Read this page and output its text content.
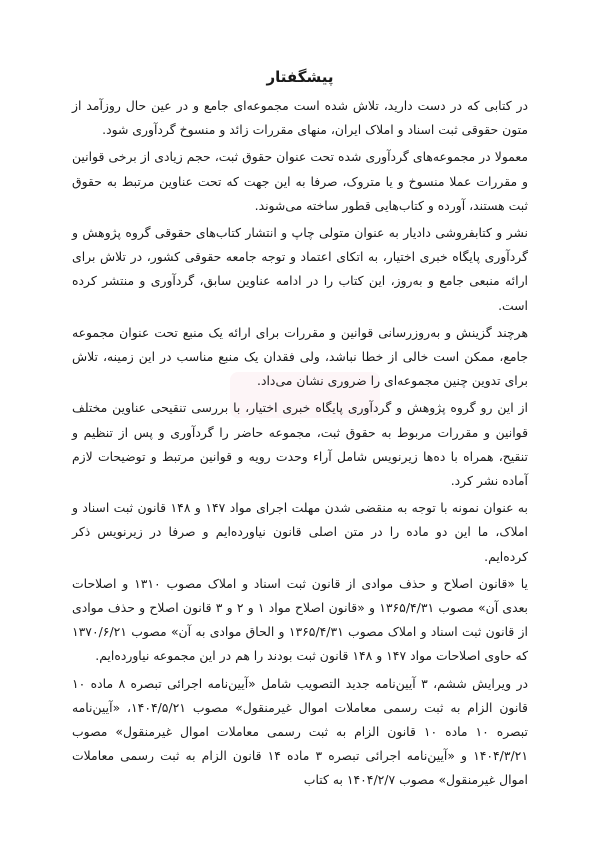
پیشگفتار

در کتابی که در دست دارید، تلاش شده است مجموعه‌ای جامع و در عین حال روزآمد از متون حقوقی ثبت اسناد و املاک ایران، منهای مقررات زائد و منسوخ گردآوری شود.

معمولا در مجموعه‌های گردآوری شده تحت عنوان حقوق ثبت، حجم زیادی از برخی قوانین و مقررات عملا منسوخ و یا متروک، صرفا به این جهت که تحت عناوین مرتبط به حقوق ثبت هستند، آورده و کتاب‌هایی قطور ساخته می‌شوند.

نشر و کتابفروشی دادیار به عنوان متولی چاپ و انتشار کتاب‌های حقوقی گروه پژوهش و گردآوری پایگاه خبری اختیار، به اتکای اعتماد و توجه جامعه حقوقی کشور، در تلاش برای ارائه منبعی جامع و به‌روز، این کتاب را در ادامه عناوین سابق، گردآوری و منتشر کرده است.

هرچند گزینش و به‌روزرسانی قوانین و مقررات برای ارائه یک منبع تحت عنوان مجموعه جامع، ممکن است خالی از خطا نباشد، ولی فقدان یک منبع مناسب در این زمینه، تلاش برای تدوین چنین مجموعه‌ای را ضروری نشان می‌داد.

از این رو گروه پژوهش و گردآوری پایگاه خبری اختیار، با بررسی تنقیحی عناوین مختلف قوانین و مقررات مربوط به حقوق ثبت، مجموعه حاضر را گردآوری و پس از تنظیم و تنقیح، همراه با ده‌ها زیرنویس شامل آراء وحدت رویه و قوانین مرتبط و توضیحات لازم آماده نشر کرد.

به عنوان نمونه با توجه به منقضی شدن مهلت اجرای مواد ۱۴۷ و ۱۴۸ قانون ثبت اسناد و املاک، ما این دو ماده را در متن اصلی قانون نیاورده‌ایم و صرفا در زیرنویس ذکر کرده‌ایم.

یا «قانون اصلاح و حذف موادی از قانون ثبت اسناد و املاک مصوب ۱۳۱۰ و اصلاحات بعدی آن» مصوب ۱۳۶۵/۴/۳۱ و «قانون اصلاح مواد ۱ و ۲ و ۳ قانون اصلاح و حذف موادی از قانون ثبت اسناد و املاک مصوب ۱۳۶۵/۴/۳۱ و الحاق موادی به آن» مصوب ۱۳۷۰/۶/۲۱ که حاوی اصلاحات مواد ۱۴۷ و ۱۴۸ قانون ثبت بودند را هم در این مجموعه نیاورده‌ایم.

در ویرایش ششم، ۳ آیین‌نامه جدید التصویب شامل «آیین‌نامه اجرائی تبصره ۸ ماده ۱۰ قانون الزام به ثبت رسمی معاملات اموال غیرمنقول» مصوب ۱۴۰۴/۵/۲۱، «آیین‌نامه تبصره ۱۰ ماده ۱۰ قانون الزام به ثبت رسمی معاملات اموال غیرمنقول» مصوب ۱۴۰۴/۳/۲۱ و «آیین‌نامه اجرائی تبصره ۳ ماده ۱۴ قانون الزام به ثبت رسمی معاملات اموال غیرمنقول» مصوب ۱۴۰۴/۲/۷ به کتاب
